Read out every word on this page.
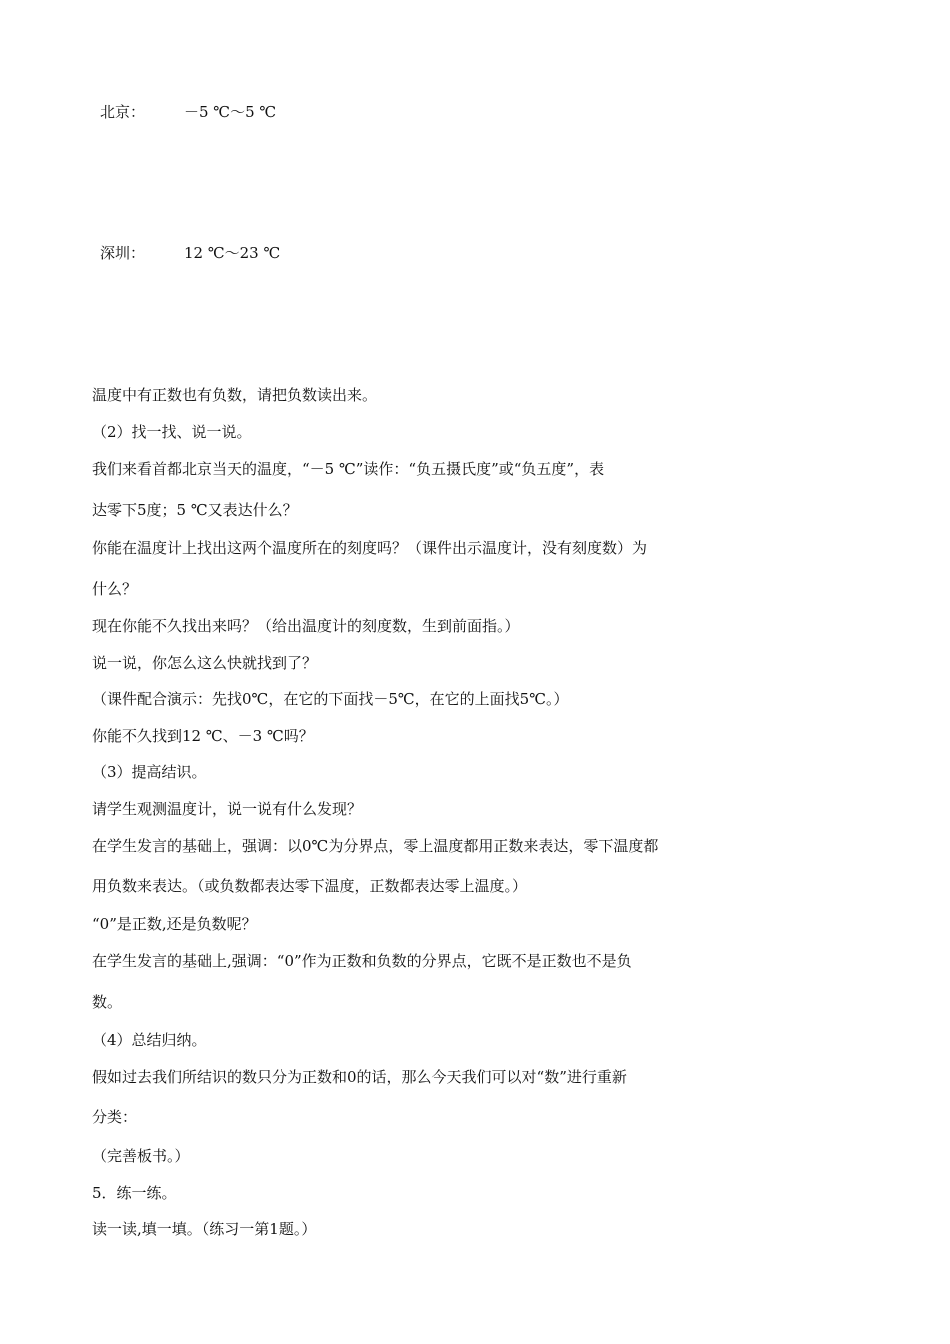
北京：	－5 ℃～5 ℃
深圳：	12 ℃～23 ℃
温度中有正数也有负数，请把负数读出来。
（2）找一找、说一说。
我们来看首都北京当天的温度，“－5 ℃”读作：“负五摄氏度”或“负五度”，表
达零下5度；5 ℃又表达什么？
你能在温度计上找出这两个温度所在的刻度吗？（课件出示温度计，没有刻度数）为
什么？
现在你能不久找出来吗？（给出温度计的刻度数，生到前面指。）
说一说，你怎么这么快就找到了？
（课件配合演示：先找0℃，在它的下面找－5℃，在它的上面找5℃。）
你能不久找到12 ℃、－3 ℃吗？
（3）提高结识。
请学生观测温度计，说一说有什么发现？
在学生发言的基础上，强调：以0℃为分界点，零上温度都用正数来表达，零下温度都
用负数来表达。（或负数都表达零下温度，正数都表达零上温度。）
“0”是正数,还是负数呢？
在学生发言的基础上,强调：“0”作为正数和负数的分界点，它既不是正数也不是负
数。
（4）总结归纳。
假如过去我们所结识的数只分为正数和0的话，那么今天我们可以对“数”进行重新
分类：
（完善板书。）
5．练一练。
读一读,填一填。（练习一第1题。）
